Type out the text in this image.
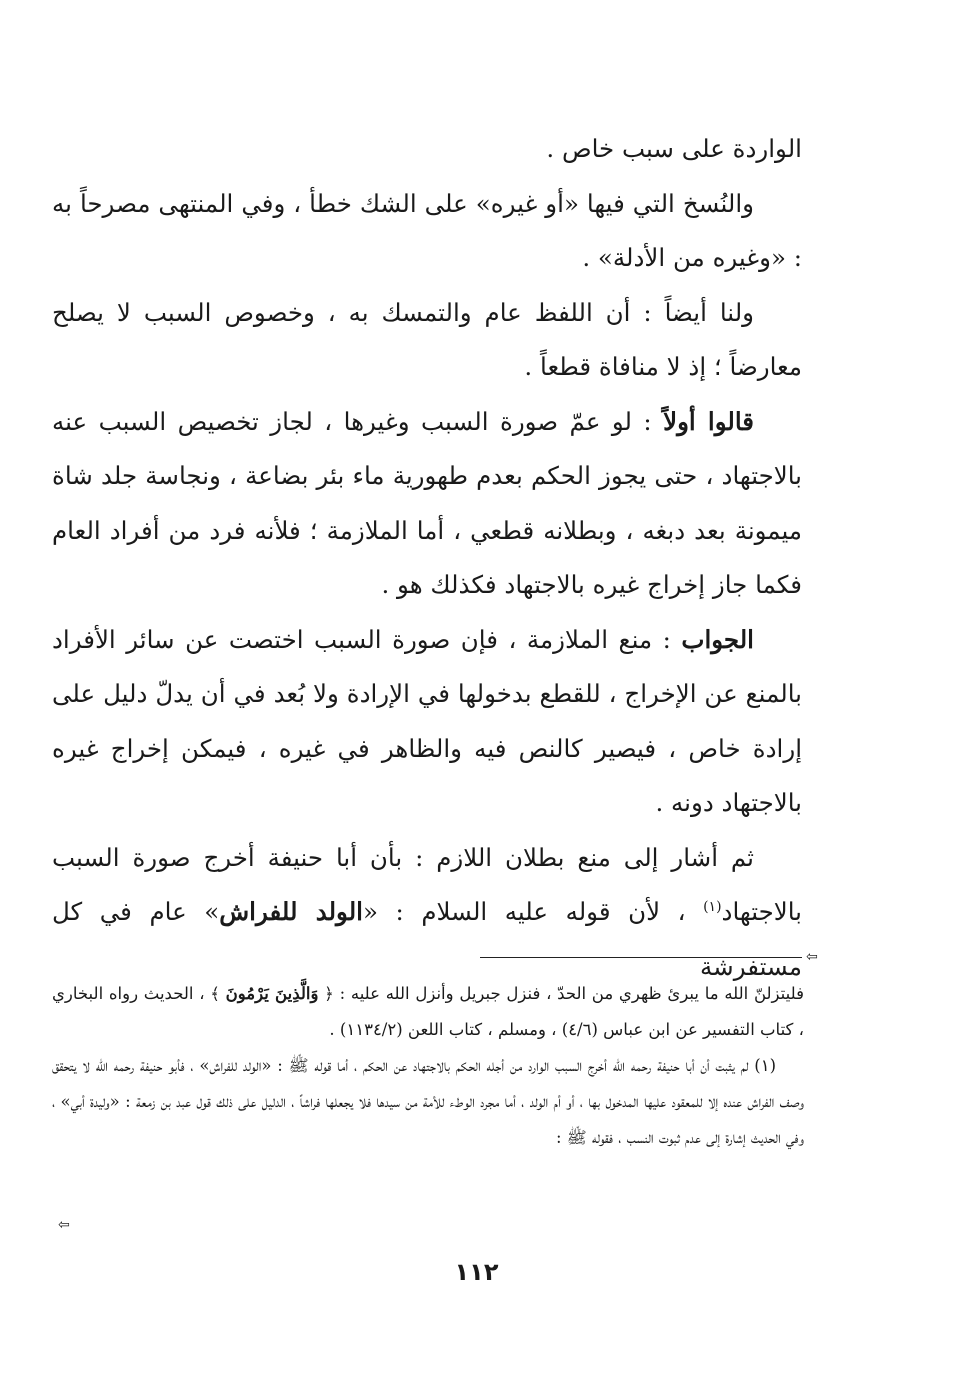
الواردة على سبب خاص .

والنُسخ التي فيها «أو غيره» على الشك خطأ ، وفي المنتهى مصرحاً به : «وغيره من الأدلة» .

ولنا أيضاً : أن اللفظ عام والتمسك به ، وخصوص السبب لا يصلح معارضاً ؛ إذ لا منافاة قطعاً .

قالوا أولاً : لو عمّ صورة السبب وغيرها ، لجاز تخصيص السبب عنه بالاجتهاد ، حتى يجوز الحكم بعدم طهورية ماء بئر بضاعة ، ونجاسة جلد شاة ميمونة بعد دبغه ، وبطلانه قطعي ، أما الملازمة ؛ فلأنه فرد من أفراد العام فكما جاز إخراج غيره بالاجتهاد فكذلك هو .

الجواب : منع الملازمة ، فإن صورة السبب اختصت عن سائر الأفراد بالمنع عن الإخراج ، للقطع بدخولها في الإرادة ولا بُعد في أن يدلّ دليل على إرادة خاص ، فيصير كالنص فيه والظاهر في غيره ، فيمكن إخراج غيره بالاجتهاد دونه .

ثم أشار إلى منع بطلان اللازم : بأن أبا حنيفة أخرج صورة السبب بالاجتهاد$^{(١)}$ ، لأن قوله عليه السلام : «الولد للفراش» عام في كل مستفرشة ⇦

فليتزلنّ الله ما يبرئ ظهري من الحدّ ، فنزل جبريل وأنزل الله عليه : ﴿ وَالَّذِينَ يَرْمُونَ ﴾ ، الحديث رواه البخاري ، كتاب التفسير عن ابن عباس (٤/٦) ، ومسلم ، كتاب اللعن (١١٣٤/٢) .

(١) لم يثبت أن أبا حنيفة رحمه الله أخرج السبب الوارد من أجله الحكم بالاجتهاد عن الحكم ، أما قوله ﷺ : «الولد للفراش» ، فأبو حنيفة رحمه الله لا يتحقق وصف الفراش عنده إلا للمعقود عليها المدخول بها ، أو أم الولد ، أما مجرد الوطء للأمة من سيدها فلا يجعلها فراشاً ، الدليل على ذلك قول عبد بن زمعة : «وليدة أبي» ، وفي الحديث إشارة إلى عدم ثبوت النسب ، فقوله ﷺ :

⇦
١١٢
